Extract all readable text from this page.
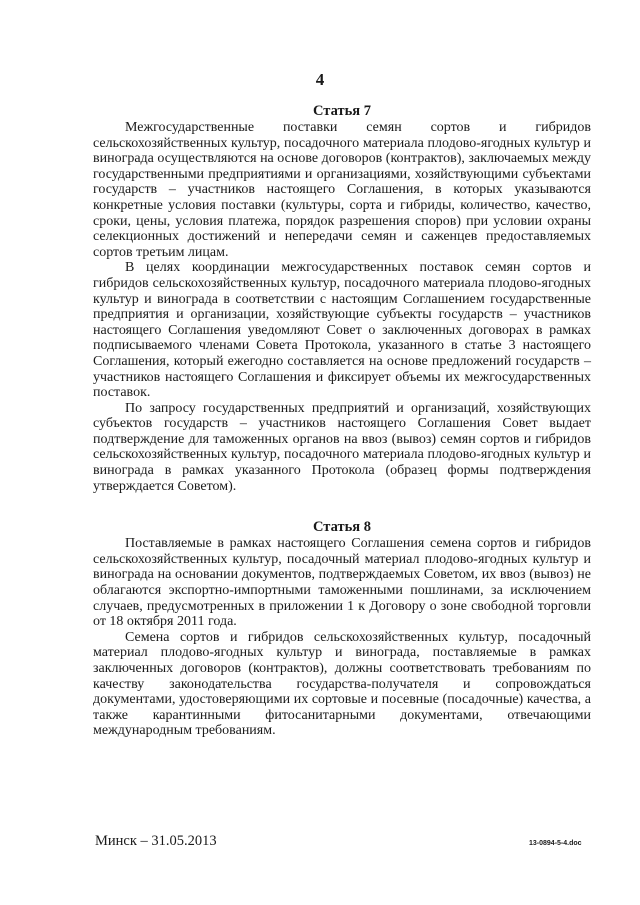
4
Статья 7

Межгосударственные поставки семян сортов и гибридов сельскохозяйственных культур, посадочного материала плодово-ягодных культур и винограда осуществляются на основе договоров (контрактов), заключаемых между государственными предприятиями и организациями, хозяйствующими субъектами государств – участников настоящего Соглашения, в которых указываются конкретные условия поставки (культуры, сорта и гибриды, количество, качество, сроки, цены, условия платежа, порядок разрешения споров) при условии охраны селекционных достижений и непередачи семян и саженцев предоставляемых сортов третьим лицам.

В целях координации межгосударственных поставок семян сортов и гибридов сельскохозяйственных культур, посадочного материала плодово-ягодных культур и винограда в соответствии с настоящим Соглашением государственные предприятия и организации, хозяйствующие субъекты государств – участников настоящего Соглашения уведомляют Совет о заключенных договорах в рамках подписываемого членами Совета Протокола, указанного в статье 3 настоящего Соглашения, который ежегодно составляется на основе предложений государств – участников настоящего Соглашения и фиксирует объемы их межгосударственных поставок.

По запросу государственных предприятий и организаций, хозяйствующих субъектов государств – участников настоящего Соглашения Совет выдает подтверждение для таможенных органов на ввоз (вывоз) семян сортов и гибридов сельскохозяйственных культур, посадочного материала плодово-ягодных культур и винограда в рамках указанного Протокола (образец формы подтверждения утверждается Советом).

Статья 8

Поставляемые в рамках настоящего Соглашения семена сортов и гибридов сельскохозяйственных культур, посадочный материал плодово-ягодных культур и винограда на основании документов, подтверждаемых Советом, их ввоз (вывоз) не облагаются экспортно-импортными таможенными пошлинами, за исключением случаев, предусмотренных в приложении 1 к Договору о зоне свободной торговли от 18 октября 2011 года.

Семена сортов и гибридов сельскохозяйственных культур, посадочный материал плодово-ягодных культур и винограда, поставляемые в рамках заключенных договоров (контрактов), должны соответствовать требованиям по качеству законодательства государства-получателя и сопровождаться документами, удостоверяющими их сортовые и посевные (посадочные) качества, а также карантинными фитосанитарными документами, отвечающими международным требованиям.

Минск – 31.05.2013	13-0894-5-4.doc
